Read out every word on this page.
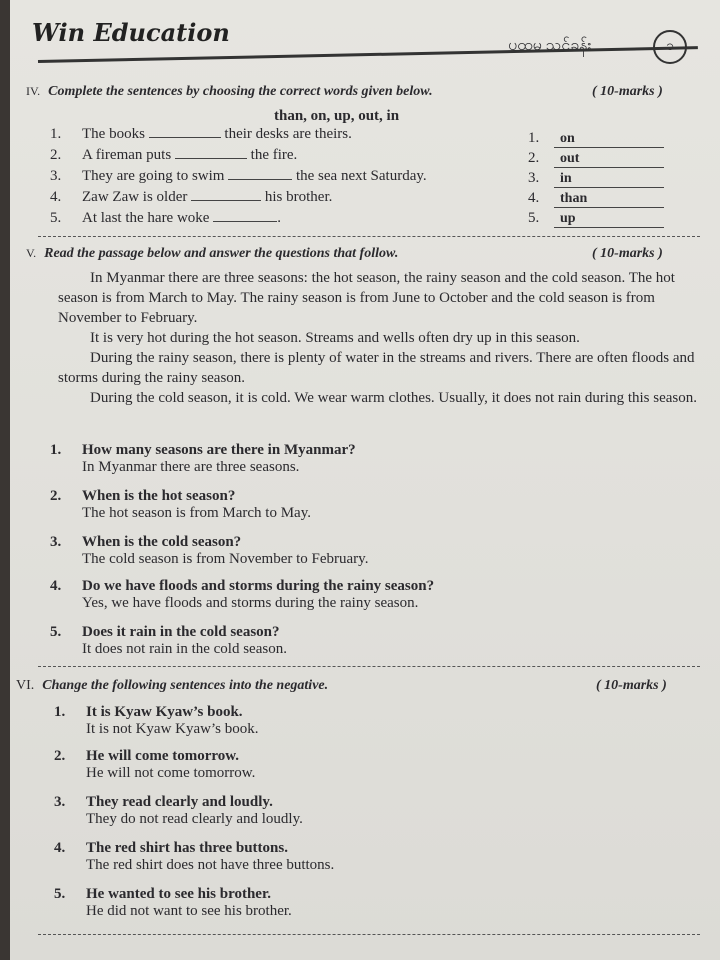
Win Education	ပထမ သင်ခန်း	၁
IV. Complete the sentences by choosing the correct words given below.	( 10-marks )
than, on, up, out, in
1. The books	their desks are theirs.
2. A fireman puts	the fire.
3. They are going to swim	the sea next Saturday.
4. Zaw Zaw is older	his brother.
5. At last the hare woke	.
1. on
2. out
3. in
4. than
5. up
V. Read the passage below and answer the questions that follow.	( 10-marks )
In Myanmar there are three seasons: the hot season, the rainy season and the cold season. The hot season is from March to May. The rainy season is from June to October and the cold season is from November to February.
It is very hot during the hot season. Streams and wells often dry up in this season.
During the rainy season, there is plenty of water in the streams and rivers. There are often floods and storms during the rainy season.
During the cold season, it is cold. We wear warm clothes. Usually, it does not rain during this season.
1. How many seasons are there in Myanmar?
In Myanmar there are three seasons.
2. When is the hot season?
The hot season is from March to May.
3. When is the cold season?
The cold season is from November to February.
4. Do we have floods and storms during the rainy season?
Yes, we have floods and storms during the rainy season.
5. Does it rain in the cold season?
It does not rain in the cold season.
VI. Change the following sentences into the negative.	( 10-marks )
1. It is Kyaw Kyaw’s book.
It is not Kyaw Kyaw’s book.
2. He will come tomorrow.
He will not come tomorrow.
3. They read clearly and loudly.
They do not read clearly and loudly.
4. The red shirt has three buttons.
The red shirt does not have three buttons.
5. He wanted to see his brother.
He did not want to see his brother.
